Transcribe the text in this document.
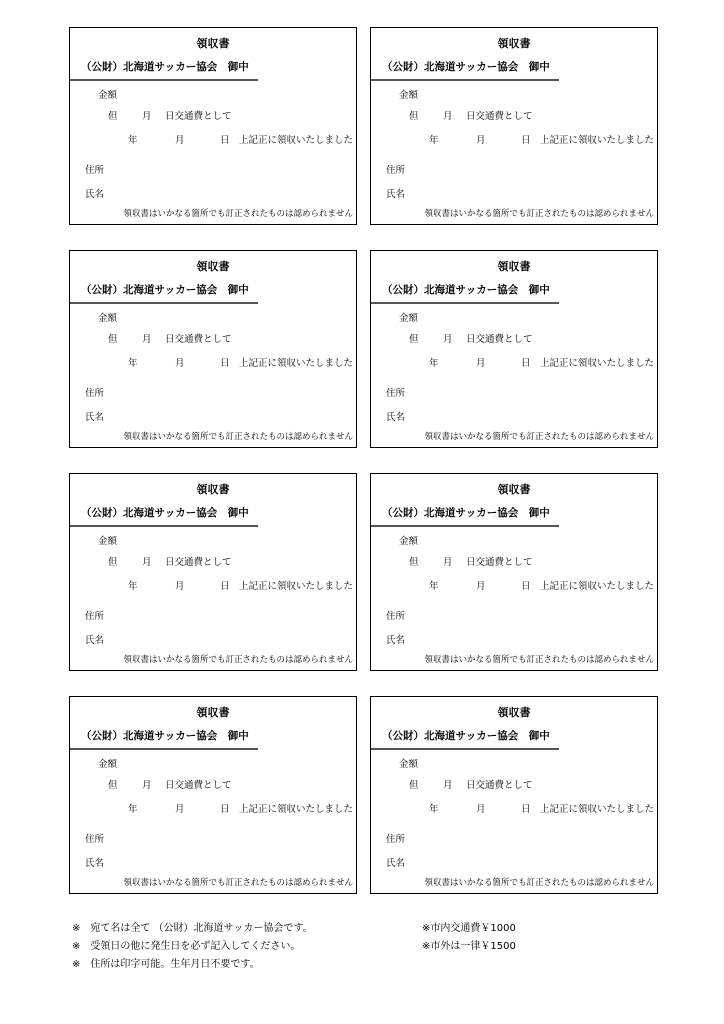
※　宛て名は全て （公財）北海道サッカー協会です。
※　受領日の他に発生日を必ず記入してください。
※　住所は印字可能。生年月日不要です。
※市内交通費￥1000
※市外は一律￥1500
領収書
（公財）北海道サッカー協会　御中
金額
但	月 日交通費として
年	月	日 上記正に領収いたしました
住所
氏名
領収書はいかなる箇所でも訂正されたものは認められません
領収書
（公財）北海道サッカー協会　御中
金額
但	月 日交通費として
年	月	日 上記正に領収いたしました
住所
氏名
領収書はいかなる箇所でも訂正されたものは認められません
領収書
（公財）北海道サッカー協会　御中
金額
但	月 日交通費として
年	月	日 上記正に領収いたしました
住所
氏名
領収書はいかなる箇所でも訂正されたものは認められません
領収書
（公財）北海道サッカー協会　御中
金額
但	月 日交通費として
年	月	日 上記正に領収いたしました
住所
氏名
領収書はいかなる箇所でも訂正されたものは認められません
領収書
（公財）北海道サッカー協会　御中
金額
但	月 日交通費として
年	月	日 上記正に領収いたしました
住所
氏名
領収書はいかなる箇所でも訂正されたものは認められません
領収書
（公財）北海道サッカー協会　御中
金額
但	月 日交通費として
年	月	日 上記正に領収いたしました
住所
氏名
領収書はいかなる箇所でも訂正されたものは認められません
領収書
（公財）北海道サッカー協会　御中
金額
但	月 日交通費として
年	月	日 上記正に領収いたしました
住所
氏名
領収書はいかなる箇所でも訂正されたものは認められません
領収書
（公財）北海道サッカー協会　御中
金額
但	月 日交通費として
年	月	日 上記正に領収いたしました
住所
氏名
領収書はいかなる箇所でも訂正されたものは認められません
